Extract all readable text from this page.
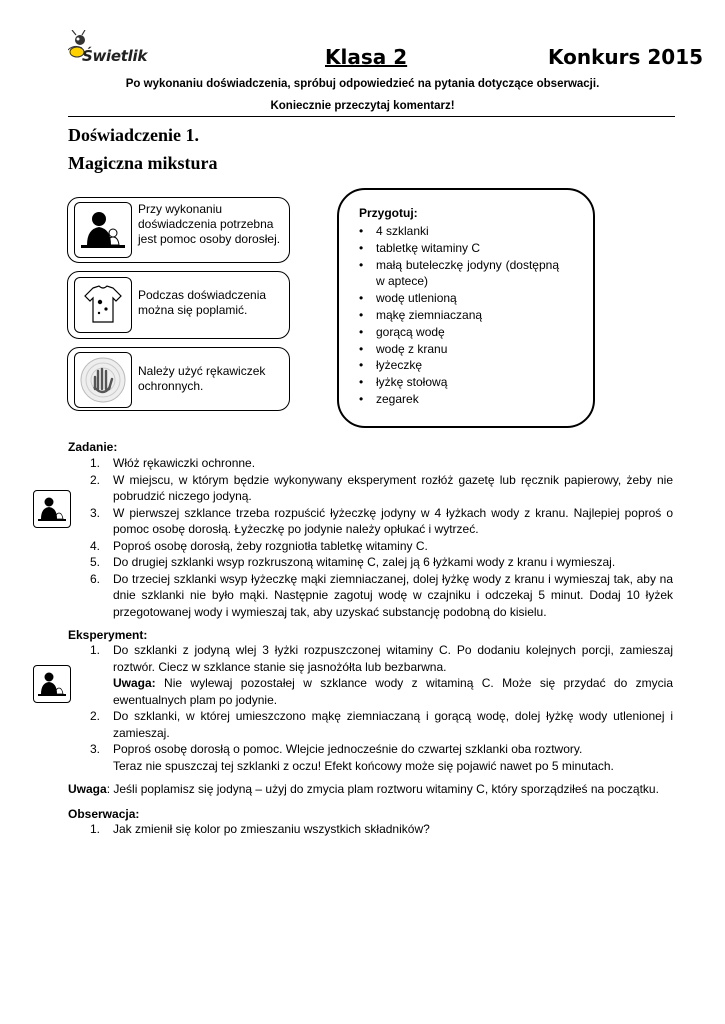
Świetlik	Klasa 2	Konkurs 2015
Po wykonaniu doświadczenia, spróbuj odpowiedzieć na pytania dotyczące obserwacji.
Koniecznie przeczytaj komentarz!
Doświadczenie 1.
Magiczna mikstura
Przy wykonaniu doświadczenia potrzebna jest pomoc osoby dorosłej.
Podczas doświadczenia można się poplamić.
Należy użyć rękawiczek ochronnych.
Przygotuj:
• 4 szklanki
• tabletkę witaminy C
• małą buteleczkę jodyny (dostępną w aptece)
• wodę utlenioną
• mąkę ziemniaczaną
• gorącą wodę
• wodę z kranu
• łyżeczkę
• łyżkę stołową
• zegarek
Zadanie:
1. Włóż rękawiczki ochronne.
2. W miejscu, w którym będzie wykonywany eksperyment rozłóż gazetę lub ręcznik papierowy, żeby nie pobrudzić niczego jodyną.
3. W pierwszej szklance trzeba rozpuścić łyżeczkę jodyny w 4 łyżkach wody z kranu. Najlepiej poproś o pomoc osobę dorosłą. Łyżeczkę po jodynie należy opłukać i wytrzeć.
4. Poproś osobę dorosłą, żeby rozgniotła tabletkę witaminy C.
5. Do drugiej szklanki wsyp rozkruszoną witaminę C, zalej ją 6 łyżkami wody z kranu i wymieszaj.
6. Do trzeciej szklanki wsyp łyżeczkę mąki ziemniaczanej, dolej łyżkę wody z kranu i wymieszaj tak, aby na dnie szklanki nie było mąki. Następnie zagotuj wodę w czajniku i odczekaj 5 minut. Dodaj 10 łyżek przegotowanej wody i wymieszaj tak, aby uzyskać substancję podobną do kisielu.
Eksperyment:
1. Do szklanki z jodyną wlej 3 łyżki rozpuszczonej witaminy C. Po dodaniu kolejnych porcji, zamieszaj roztwór. Ciecz w szklance stanie się jasnożółta lub bezbarwna.
Uwaga: Nie wylewaj pozostałej w szklance wody z witaminą C. Może się przydać do zmycia ewentualnych plam po jodynie.
2. Do szklanki, w której umieszczono mąkę ziemniaczaną i gorącą wodę, dolej łyżkę wody utlenionej i zamieszaj.
3. Poproś osobę dorosłą o pomoc. Wlejcie jednocześnie do czwartej szklanki oba roztwory.
Teraz nie spuszczaj tej szklanki z oczu! Efekt końcowy może się pojawić nawet po 5 minutach.
Uwaga: Jeśli poplamisz się jodyną – użyj do zmycia plam roztworu witaminy C, który sporządziłeś na początku.
Obserwacja:
1. Jak zmienił się kolor po zmieszaniu wszystkich składników?
